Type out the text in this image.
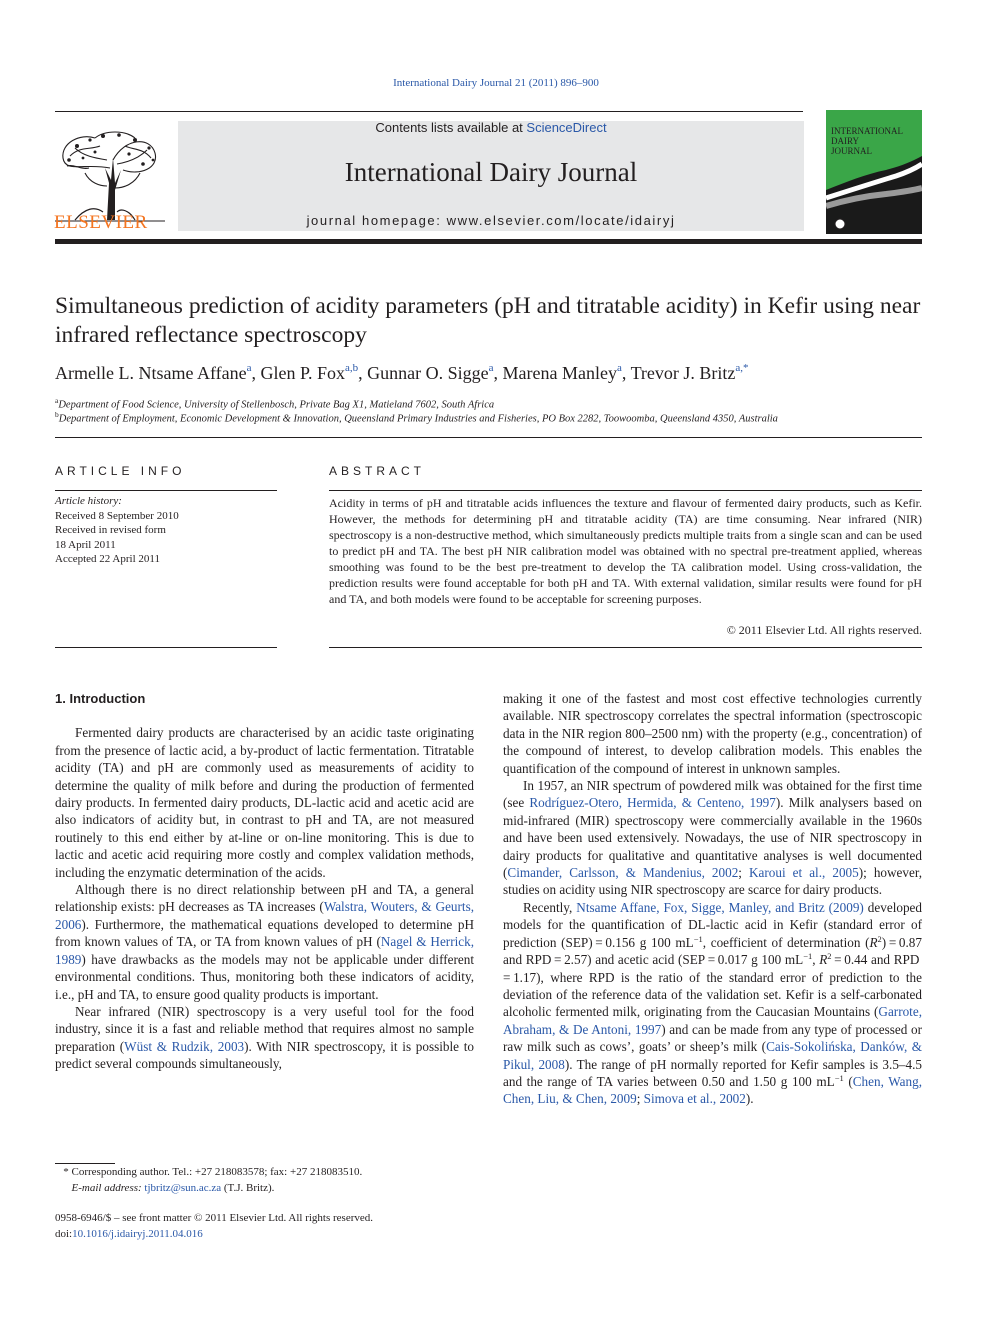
International Dairy Journal 21 (2011) 896–900
ELSEVIER
Contents lists available at ScienceDirect
International Dairy Journal
journal homepage: www.elsevier.com/locate/idairyj
INTERNATIONAL
DAIRY
JOURNAL
Simultaneous prediction of acidity parameters (pH and titratable acidity) in Kefir using near infrared reflectance spectroscopy
Armelle L. Ntsame Affane$^a$, Glen P. Fox$^{a,b}$, Gunnar O. Sigge$^a$, Marena Manley$^a$, Trevor J. Britz$^{a,*}$
$^a$Department of Food Science, University of Stellenbosch, Private Bag X1, Matieland 7602, South Africa
$^b$Department of Employment, Economic Development & Innovation, Queensland Primary Industries and Fisheries, PO Box 2282, Toowoomba, Queensland 4350, Australia
ARTICLE INFO	ABSTRACT
Article history:
Received 8 September 2010
Received in revised form
18 April 2011
Accepted 22 April 2011
Acidity in terms of pH and titratable acids influences the texture and flavour of fermented dairy products, such as Kefir. However, the methods for determining pH and titratable acidity (TA) are time consuming. Near infrared (NIR) spectroscopy is a non-destructive method, which simultaneously predicts multiple traits from a single scan and can be used to predict pH and TA. The best pH NIR calibration model was obtained with no spectral pre-treatment applied, whereas smoothing was found to be the best pre-treatment to develop the TA calibration model. Using cross-validation, the prediction results were found acceptable for both pH and TA. With external validation, similar results were found for pH and TA, and both models were found to be acceptable for screening purposes.
© 2011 Elsevier Ltd. All rights reserved.
1. Introduction

Fermented dairy products are characterised by an acidic taste originating from the presence of lactic acid, a by-product of lactic fermentation. Titratable acidity (TA) and pH are commonly used as measurements of acidity to determine the quality of milk before and during the production of fermented dairy products. In fermented dairy products, DL-lactic acid and acetic acid are also indicators of acidity but, in contrast to pH and TA, are not measured routinely to this end either by at-line or on-line monitoring. This is due to lactic and acetic acid requiring more costly and complex validation methods, including the enzymatic determination of the acids.

Although there is no direct relationship between pH and TA, a general relationship exists: pH decreases as TA increases (Walstra, Wouters, & Geurts, 2006). Furthermore, the mathematical equations developed to determine pH from known values of TA, or TA from known values of pH (Nagel & Herrick, 1989) have drawbacks as the models may not be applicable under different environmental conditions. Thus, monitoring both these indicators of acidity, i.e., pH and TA, to ensure good quality products is important.

Near infrared (NIR) spectroscopy is a very useful tool for the food industry, since it is a fast and reliable method that requires almost no sample preparation (Wüst & Rudzik, 2003). With NIR spectroscopy, it is possible to predict several compounds simultaneously,

making it one of the fastest and most cost effective technologies currently available. NIR spectroscopy correlates the spectral information (spectroscopic data in the NIR region 800–2500 nm) with the property (e.g., concentration) of the compound of interest, to develop calibration models. This enables the quantification of the compound of interest in unknown samples.

In 1957, an NIR spectrum of powdered milk was obtained for the first time (see Rodríguez-Otero, Hermida, & Centeno, 1997). Milk analysers based on mid-infrared (MIR) spectroscopy were commercially available in the 1960s and have been used extensively. Nowadays, the use of NIR spectroscopy in dairy products for qualitative and quantitative analyses is well documented (Cimander, Carlsson, & Mandenius, 2002; Karoui et al., 2005); however, studies on acidity using NIR spectroscopy are scarce for dairy products.

Recently, Ntsame Affane, Fox, Sigge, Manley, and Britz (2009) developed models for the quantification of DL-lactic acid in Kefir (standard error of prediction (SEP) = 0.156 g 100 $mL^{-1}$, coefficient of determination $(R^2) = 0.87$ and RPD = 2.57) and acetic acid (SEP = 0.017 g 100 $mL^{-1}$, $R^2 = 0.44$ and RPD = 1.17), where RPD is the ratio of the standard error of prediction to the deviation of the reference data of the validation set. Kefir is a self-carbonated alcoholic fermented milk, originating from the Caucasian Mountains (Garrote, Abraham, & De Antoni, 1997) and can be made from any type of processed or raw milk such as cows’, goats’ or sheep’s milk (Cais-Sokolińska, Danków, & Pikul, 2008). The range of pH normally reported for Kefir samples is 3.5–4.5 and the range of TA varies between 0.50 and 1.50 g 100 $mL^{-1}$ (Chen, Wang, Chen, Liu, & Chen, 2009; Simova et al., 2002).

* Corresponding author. Tel.: +27 218083578; fax: +27 218083510.
E-mail address: tjbritz@sun.ac.za (T.J. Britz).
0958-6946/$ – see front matter © 2011 Elsevier Ltd. All rights reserved.
doi:10.1016/j.idairyj.2011.04.016
